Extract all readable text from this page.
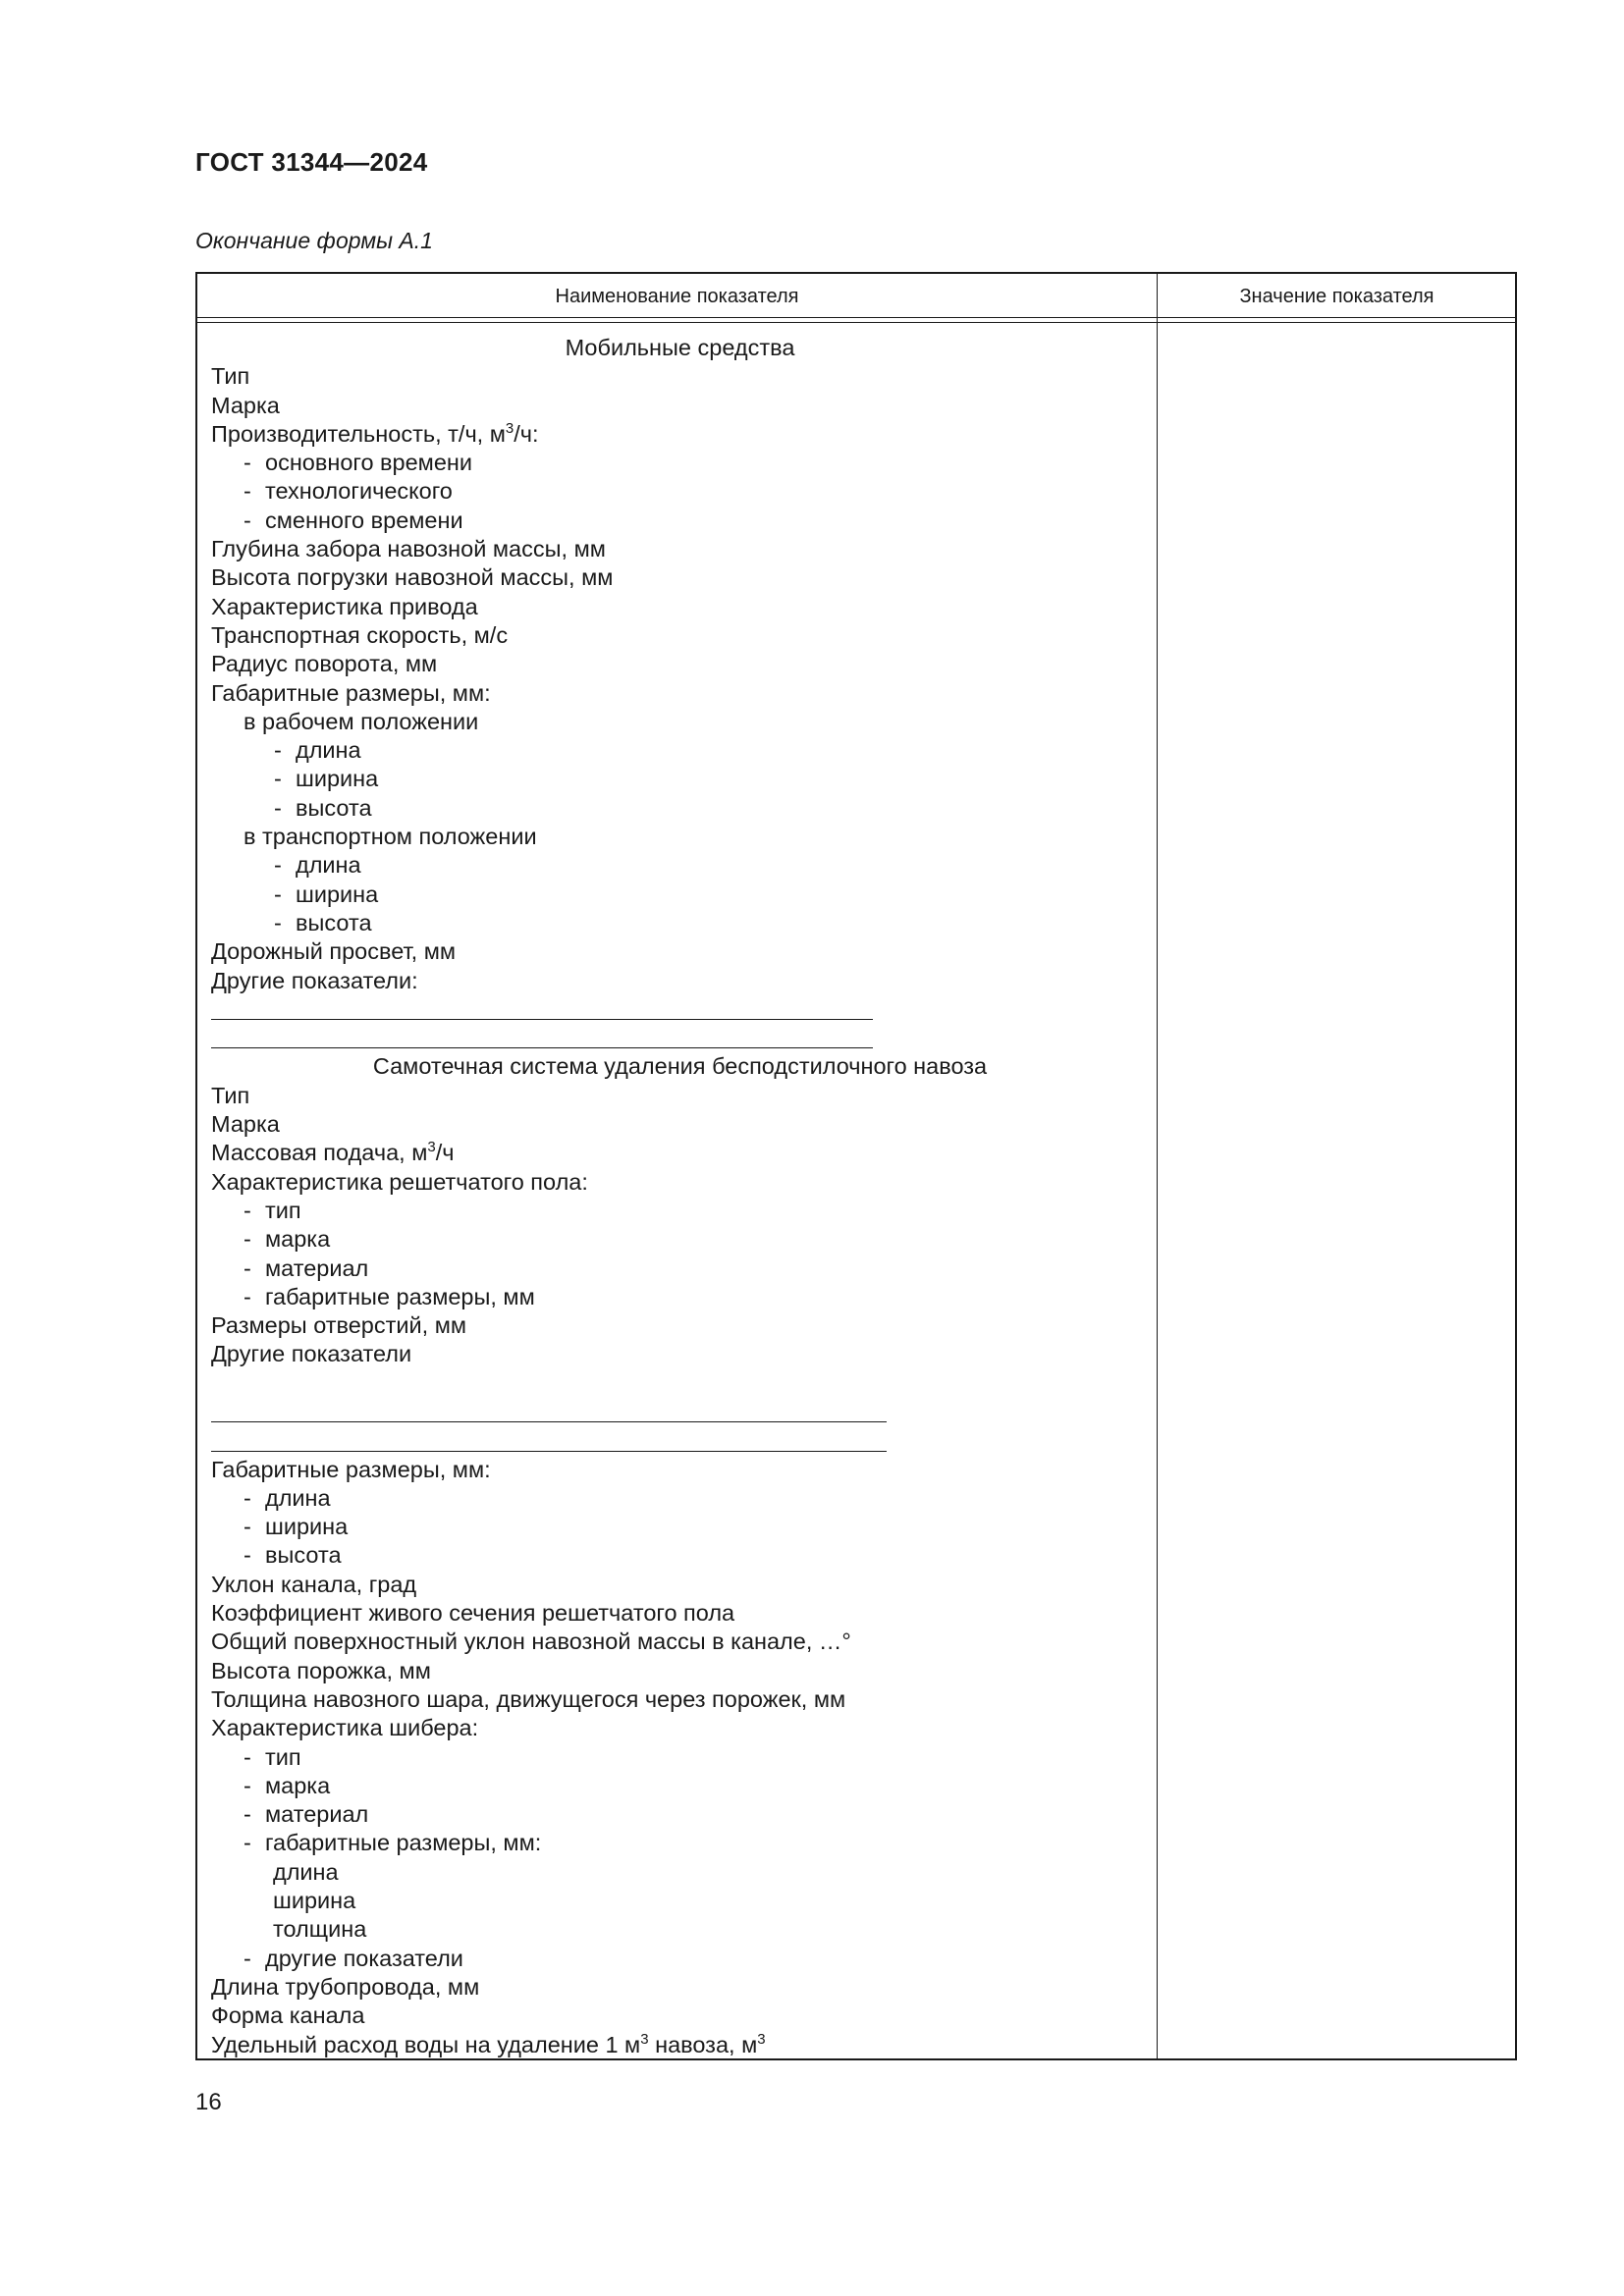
ГОСТ 31344—2024
Окончание формы А.1
Наименование показателя	Значение показателя
Мобильные средства
Тип
Марка
Производительность, т/ч, $м^3/ч$:
- основного времени
- технологического
- сменного времени
Глубина забора навозной массы, мм
Высота погрузки навозной массы, мм
Характеристика привода
Транспортная скорость, м/с
Радиус поворота, мм
Габаритные размеры, мм:
в рабочем положении
- длина
- ширина
- высота
в транспортном положении
- длина
- ширина
- высота
Дорожный просвет, мм
Другие показатели:
Самотечная система удаления бесподстилочного навоза
Тип
Марка
Массовая подача, $м^3/ч$
Характеристика решетчатого пола:
- тип
- марка
- материал
- габаритные размеры, мм
Размеры отверстий, мм
Другие показатели
Габаритные размеры, мм:
- длина
- ширина
- высота
Уклон канала, град
Коэффициент живого сечения решетчатого пола
Общий поверхностный уклон навозной массы в канале, …°
Высота порожка, мм
Толщина навозного шара, движущегося через порожек, мм
Характеристика шибера:
- тип
- марка
- материал
- габаритные размеры, мм:
длина
ширина
толщина
- другие показатели
Длина трубопровода, мм
Форма канала
Удельный расход воды на удаление 1 $м^3$ навоза, $м^3$
16
